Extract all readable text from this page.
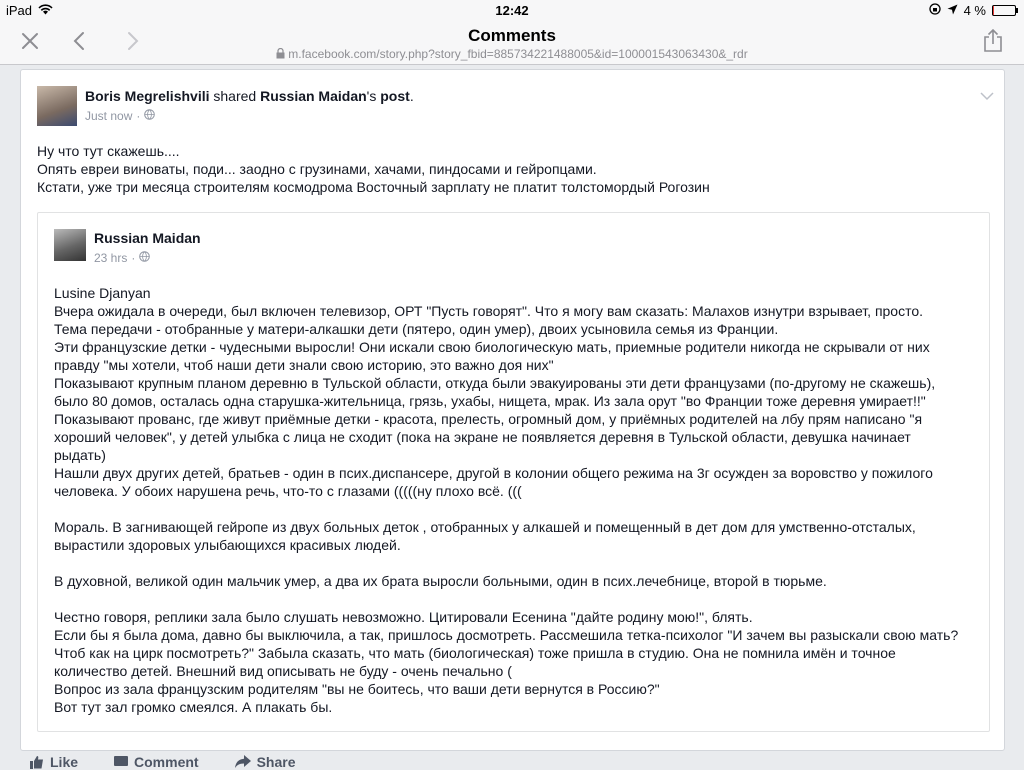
iPad	12:42	4 %
Comments
m.facebook.com/story.php?story_fbid=885734221488005&id=100001543063430&_rdr
Boris Megrelishvili shared Russian Maidan's post.
Just now ·
Ну что тут скажешь....
Опять евреи виноваты, поди... заодно с грузинами, хачами, пиндосами и гейропцами.
Кстати, уже три месяца строителям космодрома Восточный зарплату не платит толстомордый Рогозин
Russian Maidan
23 hrs ·

Lusine Djanyan
Вчера ожидала в очереди, был включен телевизор, ОРТ "Пусть говорят". Что я могу вам сказать: Малахов изнутри взрывает, просто.
Тема передачи - отобранные у матери-алкашки дети (пятеро, один умер), двоих усыновила семья из Франции.
Эти французские детки - чудесными выросли! Они искали свою биологическую мать, приемные родители никогда не скрывали от них
правду "мы хотели, чтоб наши дети знали свою историю, это важно доя них"
Показывают крупным планом деревню в Тульской области, откуда были эвакуированы эти дети французами (по-другому не скажешь),
было 80 домов, осталась одна старушка-жительница, грязь, ухабы, нищета, мрак. Из зала орут "во Франции тоже деревня умирает!!"
Показывают прованс, где живут приёмные детки - красота, прелесть, огромный дом, у приёмных родителей на лбу прям написано "я
хороший человек", у детей улыбка с лица не сходит (пока на экране не появляется деревня в Тульской области, девушка начинает
рыдать)
Нашли двух других детей, братьев - один в псих.диспансере, другой в колонии общего режима на 3г осужден за воровство у пожилого
человека. У обоих нарушена речь, что-то с глазами (((((ну плохо всё. (((

Мораль. В загнивающей гейропе из двух больных деток , отобранных у алкашей и помещенный в дет дом для умственно-отсталых,
вырастили здоровых улыбающихся красивых людей.

В духовной, великой один мальчик умер, а два их брата выросли больными, один в псих.лечебнице, второй в тюрьме.

Честно говоря, реплики зала было слушать невозможно. Цитировали Есенина "дайте родину мою!", блять.
Если бы я была дома, давно бы выключила, а так, пришлось досмотреть. Рассмешила тетка-психолог "И зачем вы разыскали свою мать?
Чтоб как на цирк посмотреть?" Забыла сказать, что мать (биологическая) тоже пришла в студию. Она не помнила имён и точное
количество детей. Внешний вид описывать не буду - очень печально (
Вопрос из зала французским родителям "вы не боитесь, что ваши дети вернутся в Россию?"
Вот тут зал громко смеялся. А плакать бы.

Like	Comment	Share
